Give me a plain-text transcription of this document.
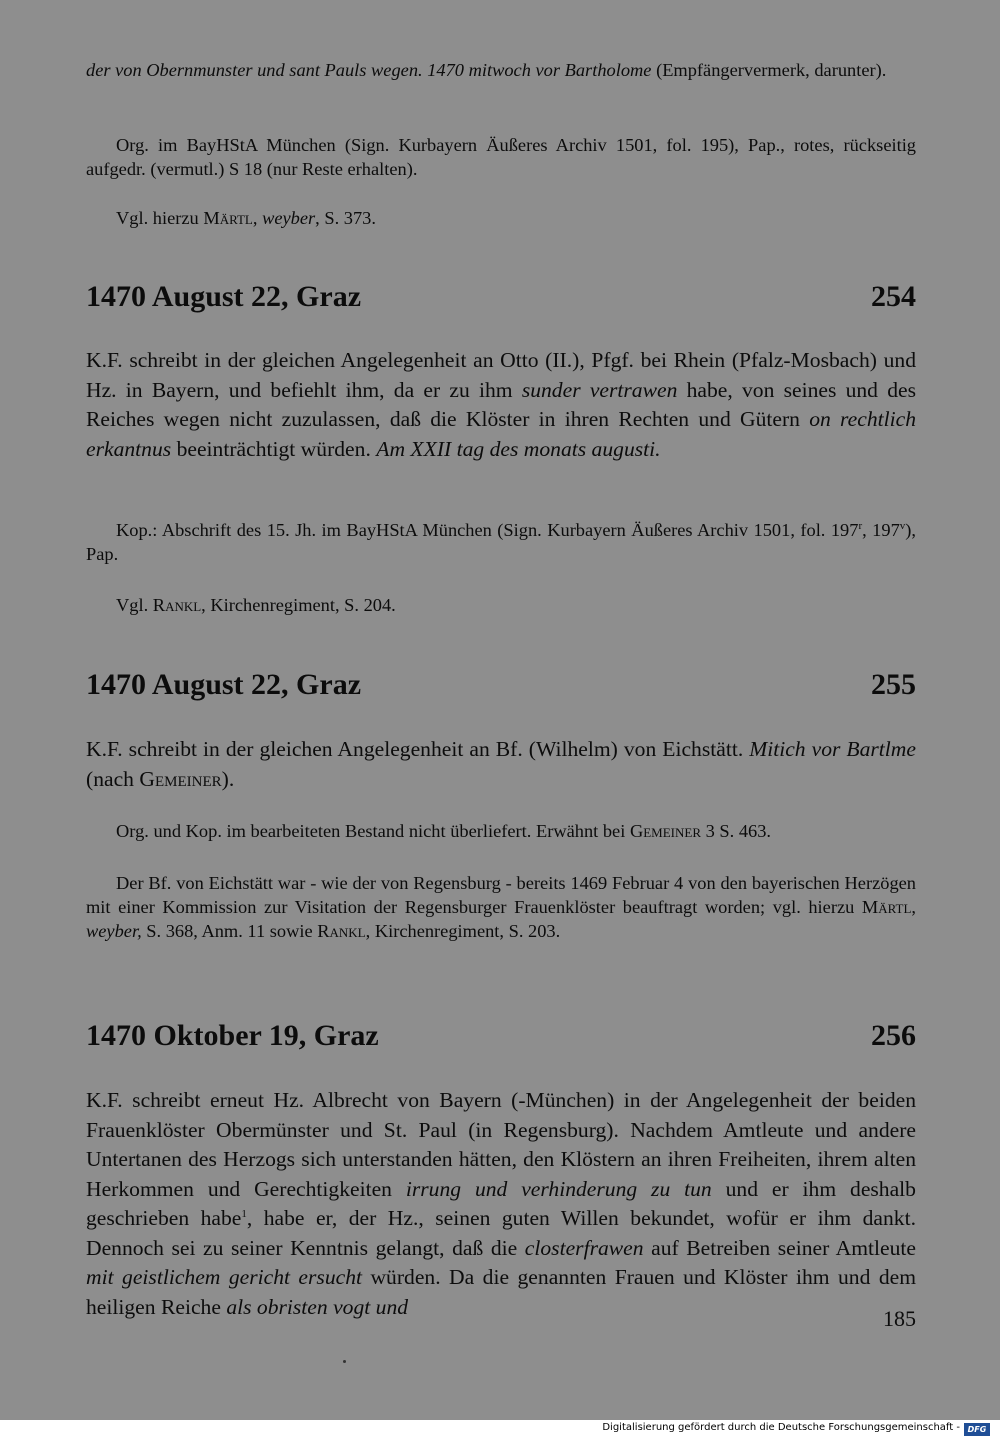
der von Obernmunster und sant Pauls wegen. 1470 mitwoch vor Bartholome (Empfängervermerk, darunter).
Org. im BayHStA München (Sign. Kurbayern Äußeres Archiv 1501, fol. 195), Pap., rotes, rückseitig aufgedr. (vermutl.) S 18 (nur Reste erhalten).
Vgl. hierzu Märtl, weyber, S. 373.
1470 August 22, Graz	254
K.F. schreibt in der gleichen Angelegenheit an Otto (II.), Pfgf. bei Rhein (Pfalz-Mosbach) und Hz. in Bayern, und befiehlt ihm, da er zu ihm sunder vertrawen habe, von seines und des Reiches wegen nicht zuzulassen, daß die Klöster in ihren Rechten und Gütern on rechtlich erkantnus beeinträchtigt würden. Am XXII tag des monats augusti.
Kop.: Abschrift des 15. Jh. im BayHStA München (Sign. Kurbayern Äußeres Archiv 1501, fol. 197$^r$, 197$^v$), Pap.
Vgl. Rankl, Kirchenregiment, S. 204.
1470 August 22, Graz	255
K.F. schreibt in der gleichen Angelegenheit an Bf. (Wilhelm) von Eichstätt. Mitich vor Bartlme (nach Gemeiner).
Org. und Kop. im bearbeiteten Bestand nicht überliefert. Erwähnt bei Gemeiner 3 S. 463.
Der Bf. von Eichstätt war - wie der von Regensburg - bereits 1469 Februar 4 von den bayerischen Herzögen mit einer Kommission zur Visitation der Regensburger Frauenklöster beauftragt worden; vgl. hierzu Märtl, weyber, S. 368, Anm. 11 sowie Rankl, Kirchenregiment, S. 203.
1470 Oktober 19, Graz	256
K.F. schreibt erneut Hz. Albrecht von Bayern (-München) in der Angelegenheit der beiden Frauenklöster Obermünster und St. Paul (in Regensburg). Nachdem Amtleute und andere Untertanen des Herzogs sich unterstanden hätten, den Klöstern an ihren Freiheiten, ihrem alten Herkommen und Gerechtigkeiten irrung und verhinderung zu tun und er ihm deshalb geschrieben habe$^1$, habe er, der Hz., seinen guten Willen bekundet, wofür er ihm dankt. Dennoch sei zu seiner Kenntnis gelangt, daß die closterfrawen auf Betreiben seiner Amtleute mit geistlichem gericht ersucht würden. Da die genannten Frauen und Klöster ihm und dem heiligen Reiche als obristen vogt und	185
Digitalisierung gefördert durch die Deutsche Forschungsgemeinschaft - DFG
